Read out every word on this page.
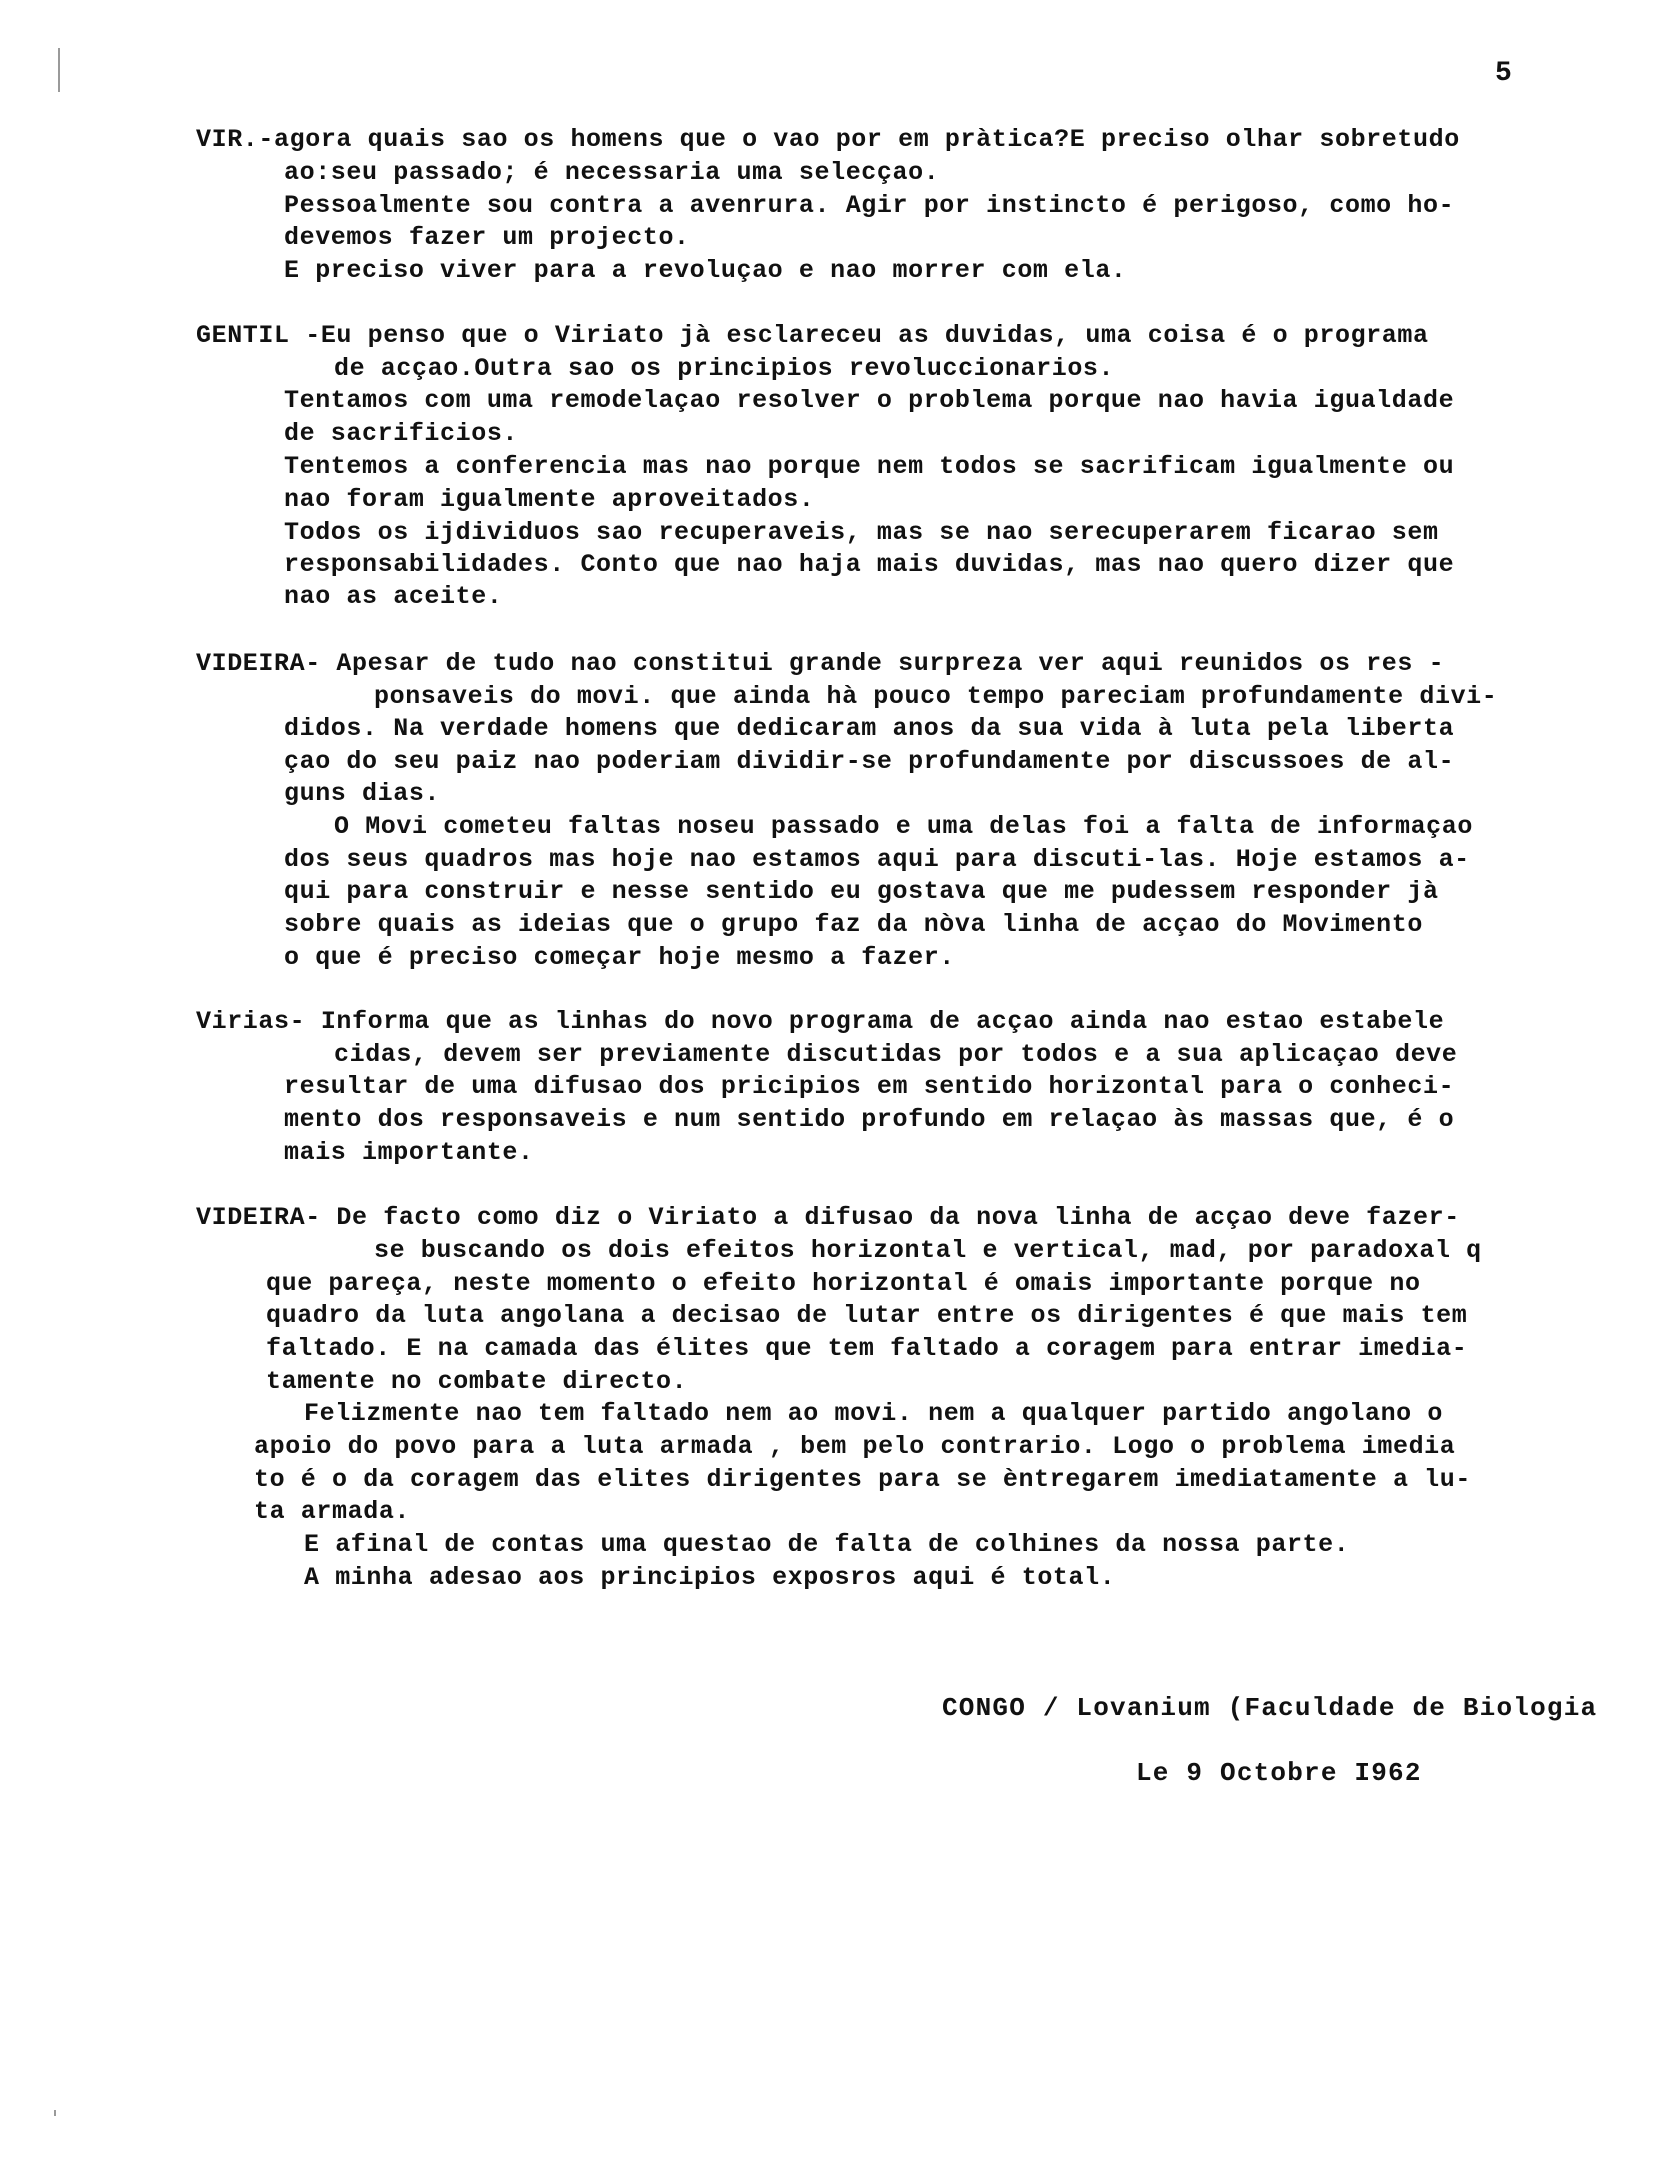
5
VIR.-agora quais sao os homens que o vao por em pràtica?E preciso olhar sobretudo
ao:seu passado; é necessaria uma selecçao.
Pessoalmente sou contra a avenrura. Agir por instincto é perigoso, como ho-
devemos fazer um projecto.
E preciso viver para a revoluçao e nao morrer com ela.
GENTIL -Eu penso que o Viriato jà esclareceu as duvidas, uma coisa é o programa
de acçao.Outra sao os principios revoluccionarios.
Tentamos com uma remodelaçao resolver o problema porque nao havia igualdade
de sacrificios.
Tentemos a conferencia mas nao porque nem todos se sacrificam igualmente ou
nao foram igualmente aproveitados.
Todos os ijdividuos sao recuperaveis, mas se nao serecuperarem ficarao sem
responsabilidades. Conto que nao haja mais duvidas, mas nao quero dizer que
nao as aceite.
VIDEIRA- Apesar de tudo nao constitui grande surpreza ver aqui reunidos os res -
ponsaveis do movi. que ainda hà pouco tempo pareciam profundamente divi-
didos. Na verdade homens que dedicaram anos da sua vida à luta pela liberta
çao do seu paiz nao poderiam dividir-se profundamente por discussoes de al-
guns dias.
O Movi cometeu faltas noseu passado e uma delas foi a falta de informaçao
dos seus quadros mas hoje nao estamos aqui para discuti-las. Hoje estamos a-
qui para construir e nesse sentido eu gostava que me pudessem responder jà
sobre quais as ideias que o grupo faz da nòva linha de acçao do Movimento
o que é preciso começar hoje mesmo a fazer.
Virias- Informa que as linhas do novo programa de acçao ainda nao estao estabele
cidas, devem ser previamente discutidas por todos e a sua aplicaçao deve
resultar de uma difusao dos pricipios em sentido horizontal para o conheci-
mento dos responsaveis e num sentido profundo em relaçao às massas que, é o
mais importante.
VIDEIRA- De facto como diz o Viriato a difusao da nova linha de acçao deve fazer-
se buscando os dois efeitos horizontal e vertical, mad, por paradoxal q
que pareça, neste momento o efeito horizontal é omais importante porque no
quadro da luta angolana a decisao de lutar entre os dirigentes é que mais tem
faltado. E na camada das élites que tem faltado a coragem para entrar imedia-
tamente no combate directo.
Felizmente nao tem faltado nem ao movi. nem a qualquer partido angolano o
apoio do povo para a luta armada , bem pelo contrario. Logo o problema imedia
to é o da coragem das elites dirigentes para se èntregarem imediatamente a lu-
ta armada.
E afinal de contas uma questao de falta de colhines da nossa parte.
A minha adesao aos principios exposros aqui é total.
CONGO / Lovanium (Faculdade de Biologia
Le 9 Octobre I962
